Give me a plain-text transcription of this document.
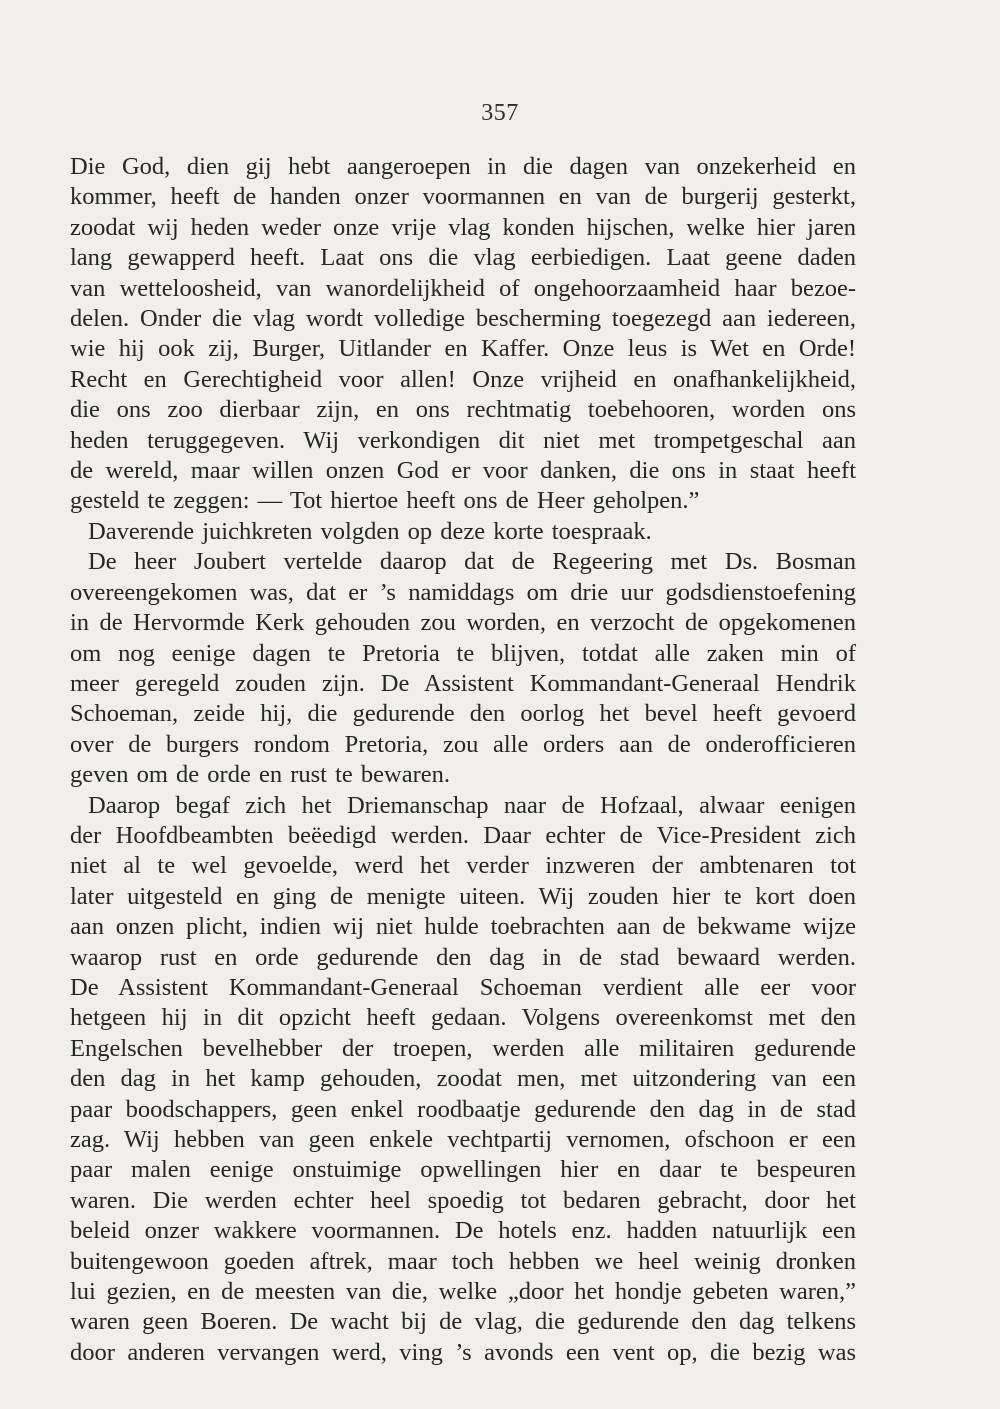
357
Die God, dien gij hebt aangeroepen in die dagen van onzekerheid en
kommer, heeft de handen onzer voormannen en van de burgerij gesterkt,
zoodat wij heden weder onze vrije vlag konden hijschen, welke hier jaren
lang gewapperd heeft. Laat ons die vlag eerbiedigen. Laat geene daden
van wetteloosheid, van wanordelijkheid of ongehoorzaamheid haar bezoe-
delen. Onder die vlag wordt volledige bescherming toegezegd aan iedereen,
wie hij ook zij, Burger, Uitlander en Kaffer. Onze leus is Wet en Orde!
Recht en Gerechtigheid voor allen! Onze vrijheid en onafhankelijkheid,
die ons zoo dierbaar zijn, en ons rechtmatig toebehooren, worden ons
heden teruggegeven. Wij verkondigen dit niet met trompetgeschal aan
de wereld, maar willen onzen God er voor danken, die ons in staat heeft
gesteld te zeggen: — Tot hiertoe heeft ons de Heer geholpen.”
Daverende juichkreten volgden op deze korte toespraak.
De heer Joubert vertelde daarop dat de Regeering met Ds. Bosman
overeengekomen was, dat er ’s namiddags om drie uur godsdienstoefening
in de Hervormde Kerk gehouden zou worden, en verzocht de opgekomenen
om nog eenige dagen te Pretoria te blijven, totdat alle zaken min of
meer geregeld zouden zijn. De Assistent Kommandant-Generaal Hendrik
Schoeman, zeide hij, die gedurende den oorlog het bevel heeft gevoerd
over de burgers rondom Pretoria, zou alle orders aan de onderofficieren
geven om de orde en rust te bewaren.
Daarop begaf zich het Driemanschap naar de Hofzaal, alwaar eenigen
der Hoofdbeambten beëedigd werden. Daar echter de Vice-President zich
niet al te wel gevoelde, werd het verder inzweren der ambtenaren tot
later uitgesteld en ging de menigte uiteen. Wij zouden hier te kort doen
aan onzen plicht, indien wij niet hulde toebrachten aan de bekwame wijze
waarop rust en orde gedurende den dag in de stad bewaard werden.
De Assistent Kommandant-Generaal Schoeman verdient alle eer voor
hetgeen hij in dit opzicht heeft gedaan. Volgens overeenkomst met den
Engelschen bevelhebber der troepen, werden alle militairen gedurende
den dag in het kamp gehouden, zoodat men, met uitzondering van een
paar boodschappers, geen enkel roodbaatje gedurende den dag in de stad
zag. Wij hebben van geen enkele vechtpartij vernomen, ofschoon er een
paar malen eenige onstuimige opwellingen hier en daar te bespeuren
waren. Die werden echter heel spoedig tot bedaren gebracht, door het
beleid onzer wakkere voormannen. De hotels enz. hadden natuurlijk een
buitengewoon goeden aftrek, maar toch hebben we heel weinig dronken
lui gezien, en de meesten van die, welke „door het hondje gebeten waren,”
waren geen Boeren. De wacht bij de vlag, die gedurende den dag telkens
door anderen vervangen werd, ving ’s avonds een vent op, die bezig was
